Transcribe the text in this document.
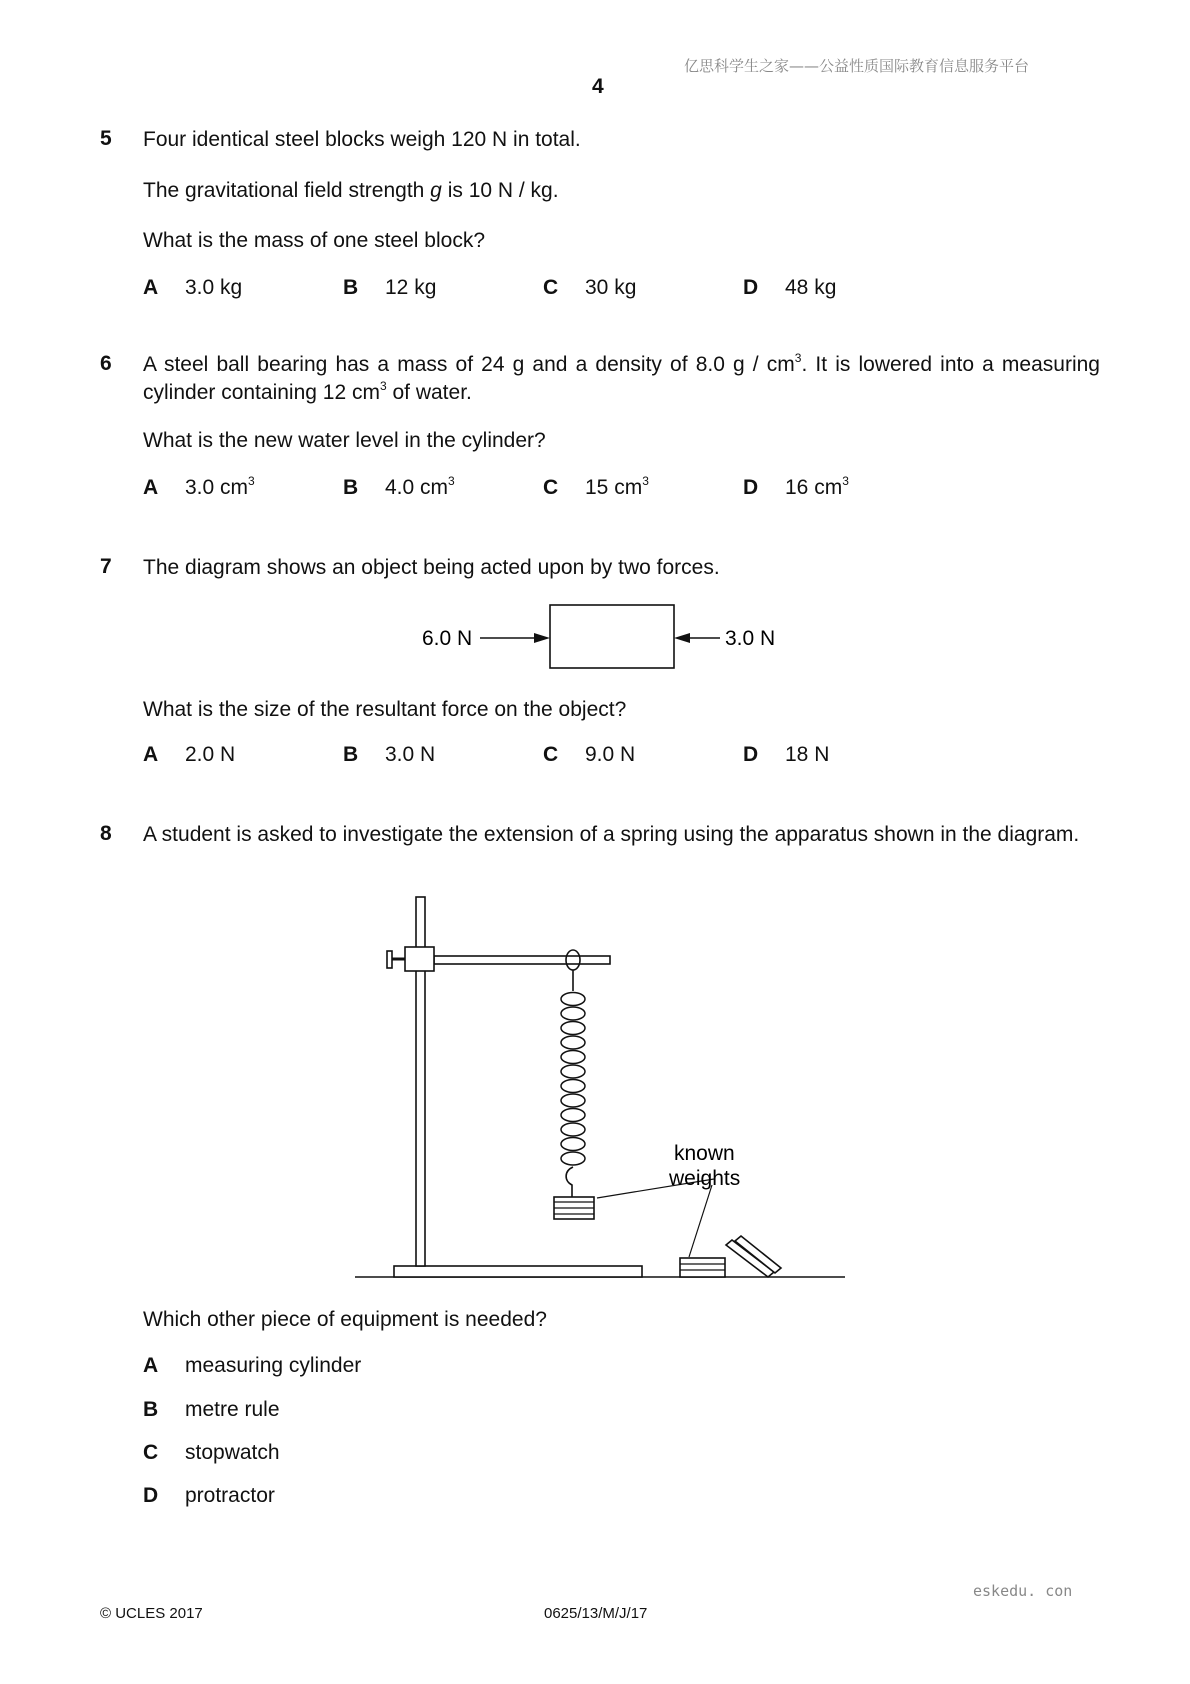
亿思科学生之家——公益性质国际教育信息服务平台
4
5 Four identical steel blocks weigh 120 N in total.
The gravitational field strength g is 10 N / kg.
What is the mass of one steel block?
A 3.0 kg	B 12 kg	C 30 kg	D 48 kg
6 A steel ball bearing has a mass of 24 g and a density of 8.0 g / $cm^3$. It is lowered into a measuring cylinder containing 12 $cm^3$ of water.
What is the new water level in the cylinder?
A 3.0 $cm^3$	B 4.0 $cm^3$	C 15 $cm^3$	D 16 $cm^3$
7 The diagram shows an object being acted upon by two forces.
6.0 N	3.0 N
What is the size of the resultant force on the object?
A 2.0 N	B 3.0 N	C 9.0 N	D 18 N
8 A student is asked to investigate the extension of a spring using the apparatus shown in the diagram.
known
weights
Which other piece of equipment is needed?
A measuring cylinder
B metre rule
C stopwatch
D protractor
eskedu. con
© UCLES 2017	0625/13/M/J/17
